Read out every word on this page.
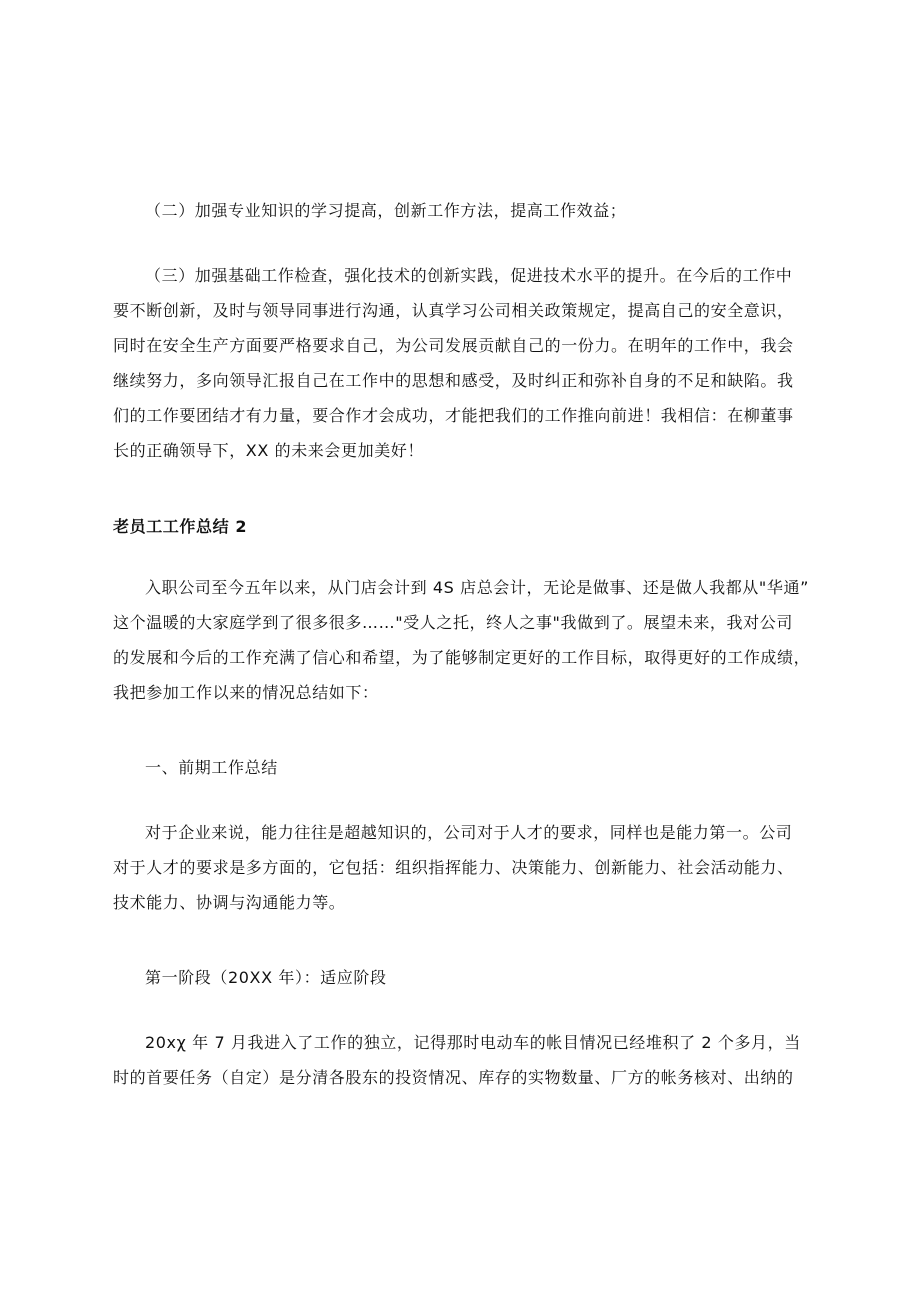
（二）加强专业知识的学习提高，创新工作方法，提高工作效益；

（三）加强基础工作检查，强化技术的创新实践，促进技术水平的提升。在今后的工作中
要不断创新，及时与领导同事进行沟通，认真学习公司相关政策规定，提高自己的安全意识，
同时在安全生产方面要严格要求自己，为公司发展贡献自己的一份力。在明年的工作中，我会
继续努力，多向领导汇报自己在工作中的思想和感受，及时纠正和弥补自身的不足和缺陷。我
们的工作要团结才有力量，要合作才会成功，才能把我们的工作推向前进！我相信：在柳董事
长的正确领导下，XX 的未来会更加美好！

老员工工作总结 2

入职公司至今五年以来，从门店会计到 4S 店总会计，无论是做事、还是做人我都从"华通”
这个温暖的大家庭学到了很多很多……"受人之托，终人之事"我做到了。展望未来，我对公司
的发展和今后的工作充满了信心和希望，为了能够制定更好的工作目标，取得更好的工作成绩，
我把参加工作以来的情况总结如下：

一、前期工作总结

对于企业来说，能力往往是超越知识的，公司对于人才的要求，同样也是能力第一。公司
对于人才的要求是多方面的，它包括：组织指挥能力、决策能力、创新能力、社会活动能力、
技术能力、协调与沟通能力等。

第一阶段（20XX 年）：适应阶段

20xχ 年 7 月我进入了工作的独立，记得那时电动车的帐目情况已经堆积了 2 个多月，当
时的首要任务（自定）是分清各股东的投资情况、库存的实物数量、厂方的帐务核对、出纳的
